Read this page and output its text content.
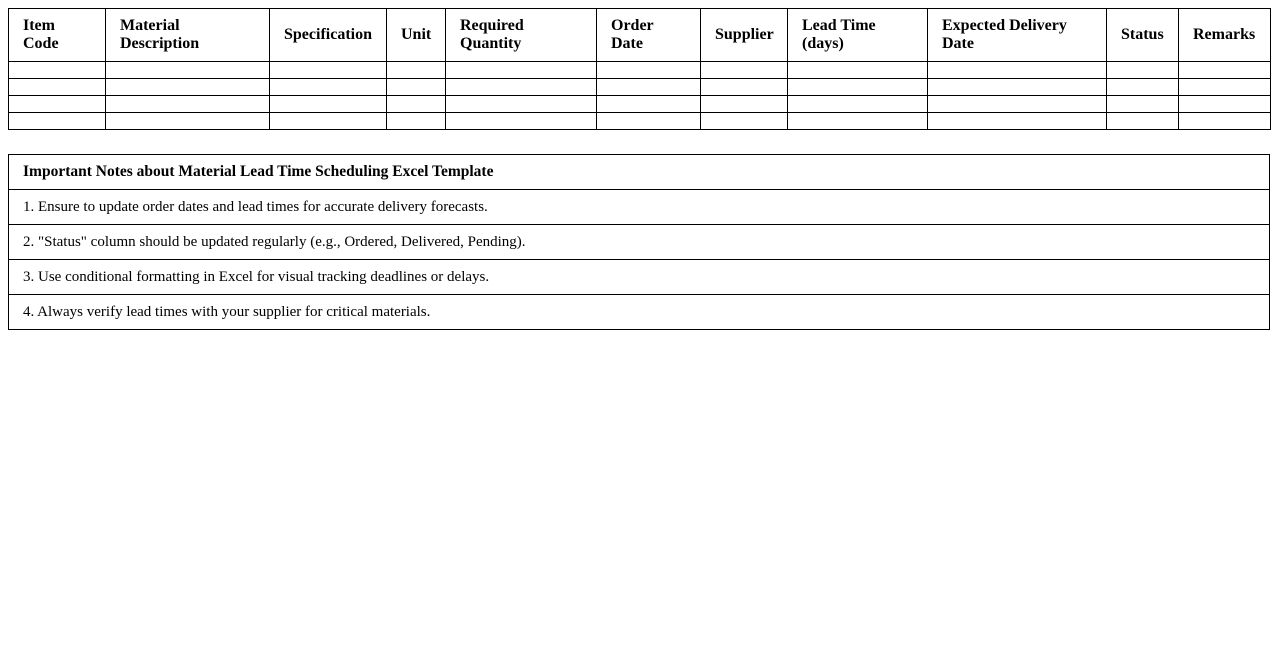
Item Code	Material Description	Specification	Unit	Required Quantity	Order Date	Supplier	Lead Time (days)	Expected Delivery Date	Status	Remarks

Important Notes about Material Lead Time Scheduling Excel Template
1. Ensure to update order dates and lead times for accurate delivery forecasts.
2. "Status" column should be updated regularly (e.g., Ordered, Delivered, Pending).
3. Use conditional formatting in Excel for visual tracking deadlines or delays.
4. Always verify lead times with your supplier for critical materials.
